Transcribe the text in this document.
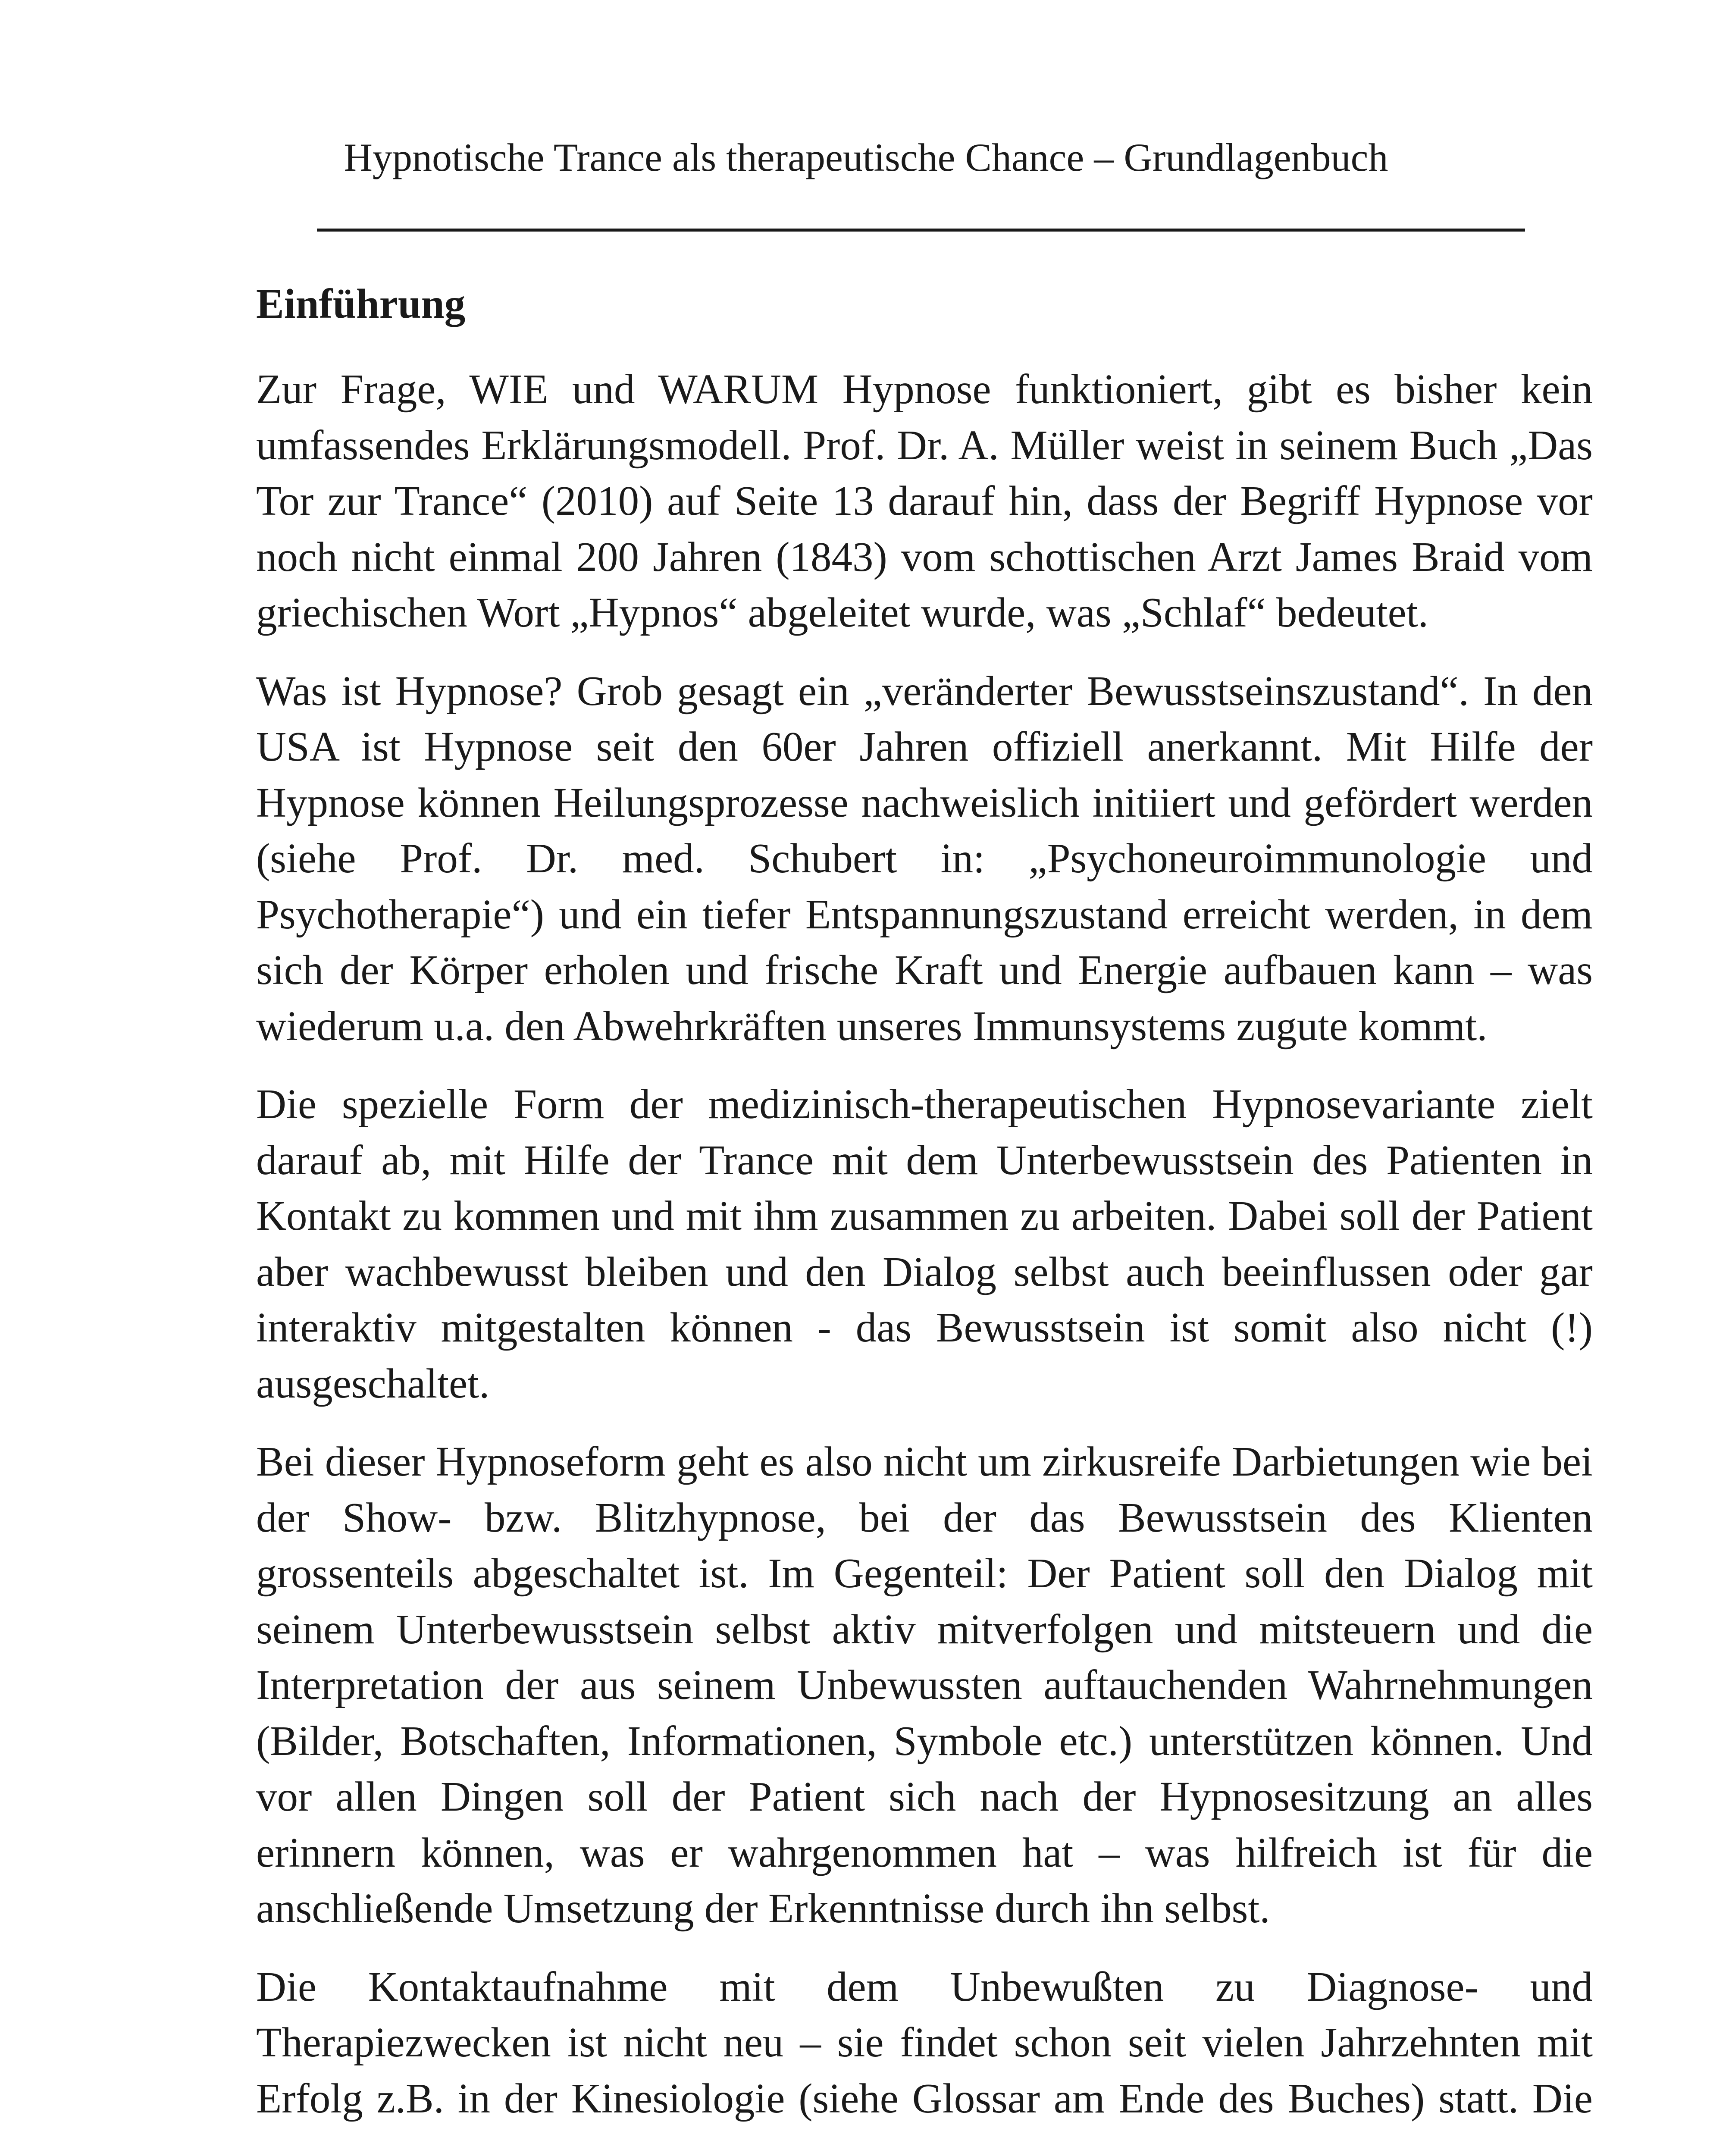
Hypnotische Trance als therapeutische Chance – Grundlagenbuch
Einführung

Zur Frage, WIE und WARUM Hypnose funktioniert, gibt es bisher kein umfassendes Erklärungsmodell. Prof. Dr. A. Müller weist in seinem Buch „Das Tor zur Trance“ (2010) auf Seite 13 darauf hin, dass der Begriff Hypnose vor noch nicht einmal 200 Jahren (1843) vom schottischen Arzt James Braid vom griechischen Wort „Hypnos“ abgeleitet wurde, was „Schlaf“ bedeutet.

Was ist Hypnose? Grob gesagt ein „veränderter Bewusstseinszustand“. In den USA ist Hypnose seit den 60er Jahren offiziell anerkannt. Mit Hilfe der Hypnose können Heilungsprozesse nachweislich initiiert und gefördert werden (siehe Prof. Dr. med. Schubert in: „Psychoneuroimmunologie und Psychotherapie“) und ein tiefer Entspannungszustand erreicht werden, in dem sich der Körper erholen und frische Kraft und Energie aufbauen kann – was wiederum u.a. den Abwehrkräften unseres Immunsystems zugute kommt.

Die spezielle Form der medizinisch-therapeutischen Hypnosevariante zielt darauf ab, mit Hilfe der Trance mit dem Unterbewusstsein des Patienten in Kontakt zu kommen und mit ihm zusammen zu arbeiten. Dabei soll der Patient aber wachbewusst bleiben und den Dialog selbst auch beeinflussen oder gar interaktiv mitgestalten können - das Bewusstsein ist somit also nicht (!) ausgeschaltet.

Bei dieser Hypnoseform geht es also nicht um zirkusreife Darbietungen wie bei der Show- bzw. Blitzhypnose, bei der das Bewusstsein des Klienten grossenteils abgeschaltet ist. Im Gegenteil: Der Patient soll den Dialog mit seinem Unterbewusstsein selbst aktiv mitverfolgen und mitsteuern und die Interpretation der aus seinem Unbewussten auftauchenden Wahrnehmungen (Bilder, Botschaften, Informationen, Symbole etc.) unterstützen können. Und vor allen Dingen soll der Patient sich nach der Hypnosesitzung an alles erinnern können, was er wahrgenommen hat – was hilfreich ist für die anschließende Umsetzung der Erkenntnisse durch ihn selbst.

Die Kontaktaufnahme mit dem Unbewußten zu Diagnose- und Therapiezwecken ist nicht neu – sie findet schon seit vielen Jahrzehnten mit Erfolg z.B. in der Kinesiologie (siehe Glossar am Ende des Buches) statt. Die
